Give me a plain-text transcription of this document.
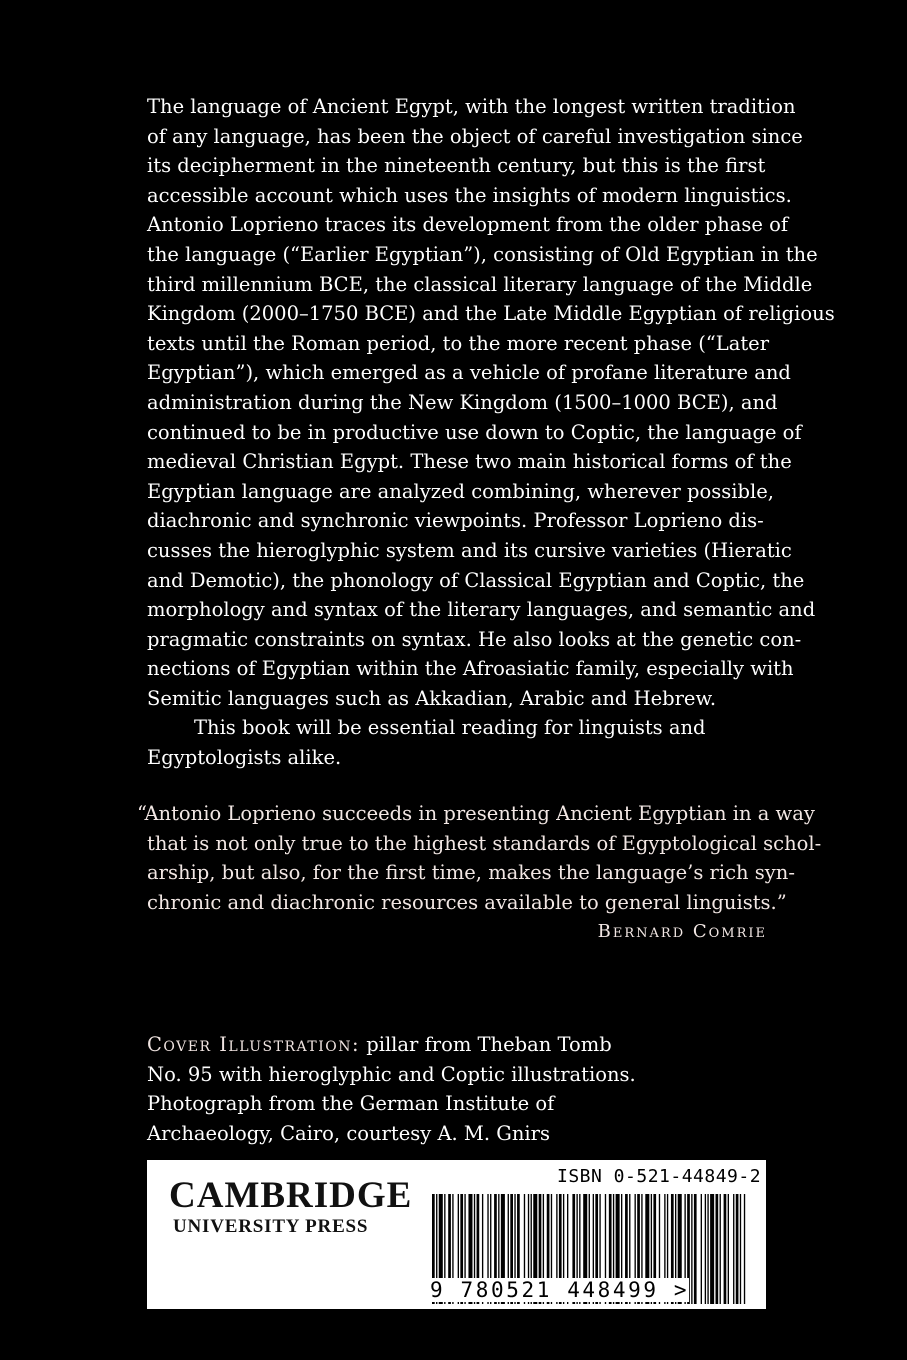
The language of Ancient Egypt, with the longest written tradition
of any language, has been the object of careful investigation since
its decipherment in the nineteenth century, but this is the first
accessible account which uses the insights of modern linguistics.
Antonio Loprieno traces its development from the older phase of
the language (“Earlier Egyptian”), consisting of Old Egyptian in the
third millennium BCE, the classical literary language of the Middle
Kingdom (2000–1750 BCE) and the Late Middle Egyptian of religious
texts until the Roman period, to the more recent phase (“Later
Egyptian”), which emerged as a vehicle of profane literature and
administration during the New Kingdom (1500–1000 BCE), and
continued to be in productive use down to Coptic, the language of
medieval Christian Egypt. These two main historical forms of the
Egyptian language are analyzed combining, wherever possible,
diachronic and synchronic viewpoints. Professor Loprieno dis-
cusses the hieroglyphic system and its cursive varieties (Hieratic
and Demotic), the phonology of Classical Egyptian and Coptic, the
morphology and syntax of the literary languages, and semantic and
pragmatic constraints on syntax. He also looks at the genetic con-
nections of Egyptian within the Afroasiatic family, especially with
Semitic languages such as Akkadian, Arabic and Hebrew.
This book will be essential reading for linguists and
Egyptologists alike.
“Antonio Loprieno succeeds in presenting Ancient Egyptian in a way
that is not only true to the highest standards of Egyptological schol-
arship, but also, for the first time, makes the language’s rich syn-
chronic and diachronic resources available to general linguists.”
Bernard Comrie
Cover Illustration: pillar from Theban Tomb
No. 95 with hieroglyphic and Coptic illustrations.
Photograph from the German Institute of
Archaeology, Cairo, courtesy A. M. Gnirs
CAMBRIDGE
UNIVERSITY PRESS
ISBN 0-521-44849-2
9 780521 448499 >
